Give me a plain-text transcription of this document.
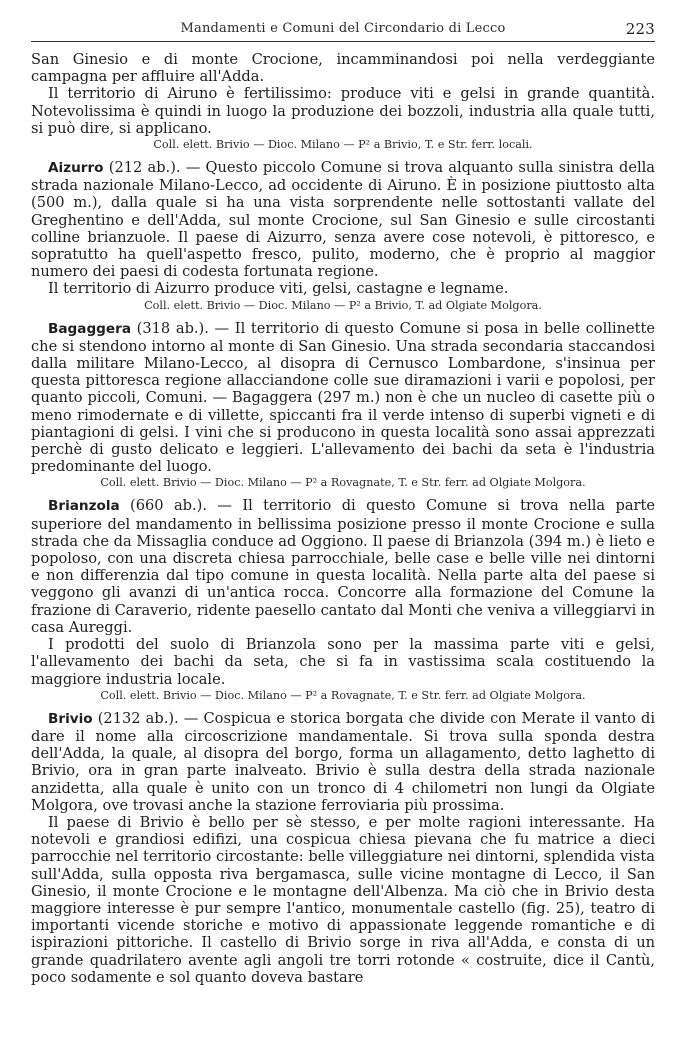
Mandamenti e Comuni del Circondario di Lecco	223

San Ginesio e di monte Crocione, incamminandosi poi nella verdeggiante campagna per affluire all'Adda.

Il territorio di Airuno è fertilissimo: produce viti e gelsi in grande quantità. Notevolissima è quindi in luogo la produzione dei bozzoli, industria alla quale tutti, si può dire, si applicano.

Coll. elett. Brivio — Dioc. Milano — P² a Brivio, T. e Str. ferr. locali.

Aizurro (212 ab.). — Questo piccolo Comune si trova alquanto sulla sinistra della strada nazionale Milano-Lecco, ad occidente di Airuno. È in posizione piuttosto alta (500 m.), dalla quale si ha una vista sorprendente nelle sottostanti vallate del Greghentino e dell'Adda, sul monte Crocione, sul San Ginesio e sulle circostanti colline brianzuole. Il paese di Aizurro, senza avere cose notevoli, è pittoresco, e sopratutto ha quell'aspetto fresco, pulito, moderno, che è proprio al maggior numero dei paesi di codesta fortunata regione.

Il territorio di Aizurro produce viti, gelsi, castagne e legname.

Coll. elett. Brivio — Dioc. Milano — P² a Brivio, T. ad Olgiate Molgora.

Bagaggera (318 ab.). — Il territorio di questo Comune si posa in belle collinette che si stendono intorno al monte di San Ginesio. Una strada secondaria staccandosi dalla militare Milano-Lecco, al disopra di Cernusco Lombardone, s'insinua per questa pittoresca regione allacciandone colle sue diramazioni i varii e popolosi, per quanto piccoli, Comuni. — Bagaggera (297 m.) non è che un nucleo di casette più o meno rimodernate e di villette, spiccanti fra il verde intenso di superbi vigneti e di piantagioni di gelsi. I vini che si producono in questa località sono assai apprezzati perchè di gusto delicato e leggieri. L'allevamento dei bachi da seta è l'industria predominante del luogo.

Coll. elett. Brivio — Dioc. Milano — P² a Rovagnate, T. e Str. ferr. ad Olgiate Molgora.

Brianzola (660 ab.). — Il territorio di questo Comune si trova nella parte superiore del mandamento in bellissima posizione presso il monte Crocione e sulla strada che da Missaglia conduce ad Oggiono. Il paese di Brianzola (394 m.) è lieto e popoloso, con una discreta chiesa parrocchiale, belle case e belle ville nei dintorni e non differenzia dal tipo comune in questa località. Nella parte alta del paese si veggono gli avanzi di un'antica rocca. Concorre alla formazione del Comune la frazione di Caraverio, ridente paesello cantato dal Monti che veniva a villeggiarvi in casa Aureggi.

I prodotti del suolo di Brianzola sono per la massima parte viti e gelsi, l'allevamento dei bachi da seta, che si fa in vastissima scala costituendo la maggiore industria locale.

Coll. elett. Brivio — Dioc. Milano — P² a Rovagnate, T. e Str. ferr. ad Olgiate Molgora.

Brivio (2132 ab.). — Cospicua e storica borgata che divide con Merate il vanto di dare il nome alla circoscrizione mandamentale. Si trova sulla sponda destra dell'Adda, la quale, al disopra del borgo, forma un allagamento, detto laghetto di Brivio, ora in gran parte inalveato. Brivio è sulla destra della strada nazionale anzidetta, alla quale è unito con un tronco di 4 chilometri non lungi da Olgiate Molgora, ove trovasi anche la stazione ferroviaria più prossima.

Il paese di Brivio è bello per sè stesso, e per molte ragioni interessante. Ha notevoli e grandiosi edifizi, una cospicua chiesa pievana che fu matrice a dieci parrocchie nel territorio circostante: belle villeggiature nei dintorni, splendida vista sull'Adda, sulla opposta riva bergamasca, sulle vicine montagne di Lecco, il San Ginesio, il monte Crocione e le montagne dell'Albenza. Ma ciò che in Brivio desta maggiore interesse è pur sempre l'antico, monumentale castello (fig. 25), teatro di importanti vicende storiche e motivo di appassionate leggende romantiche e di ispirazioni pittoriche. Il castello di Brivio sorge in riva all'Adda, e consta di un grande quadrilatero avente agli angoli tre torri rotonde « costruite, dice il Cantù, poco sodamente e sol quanto doveva bastare
